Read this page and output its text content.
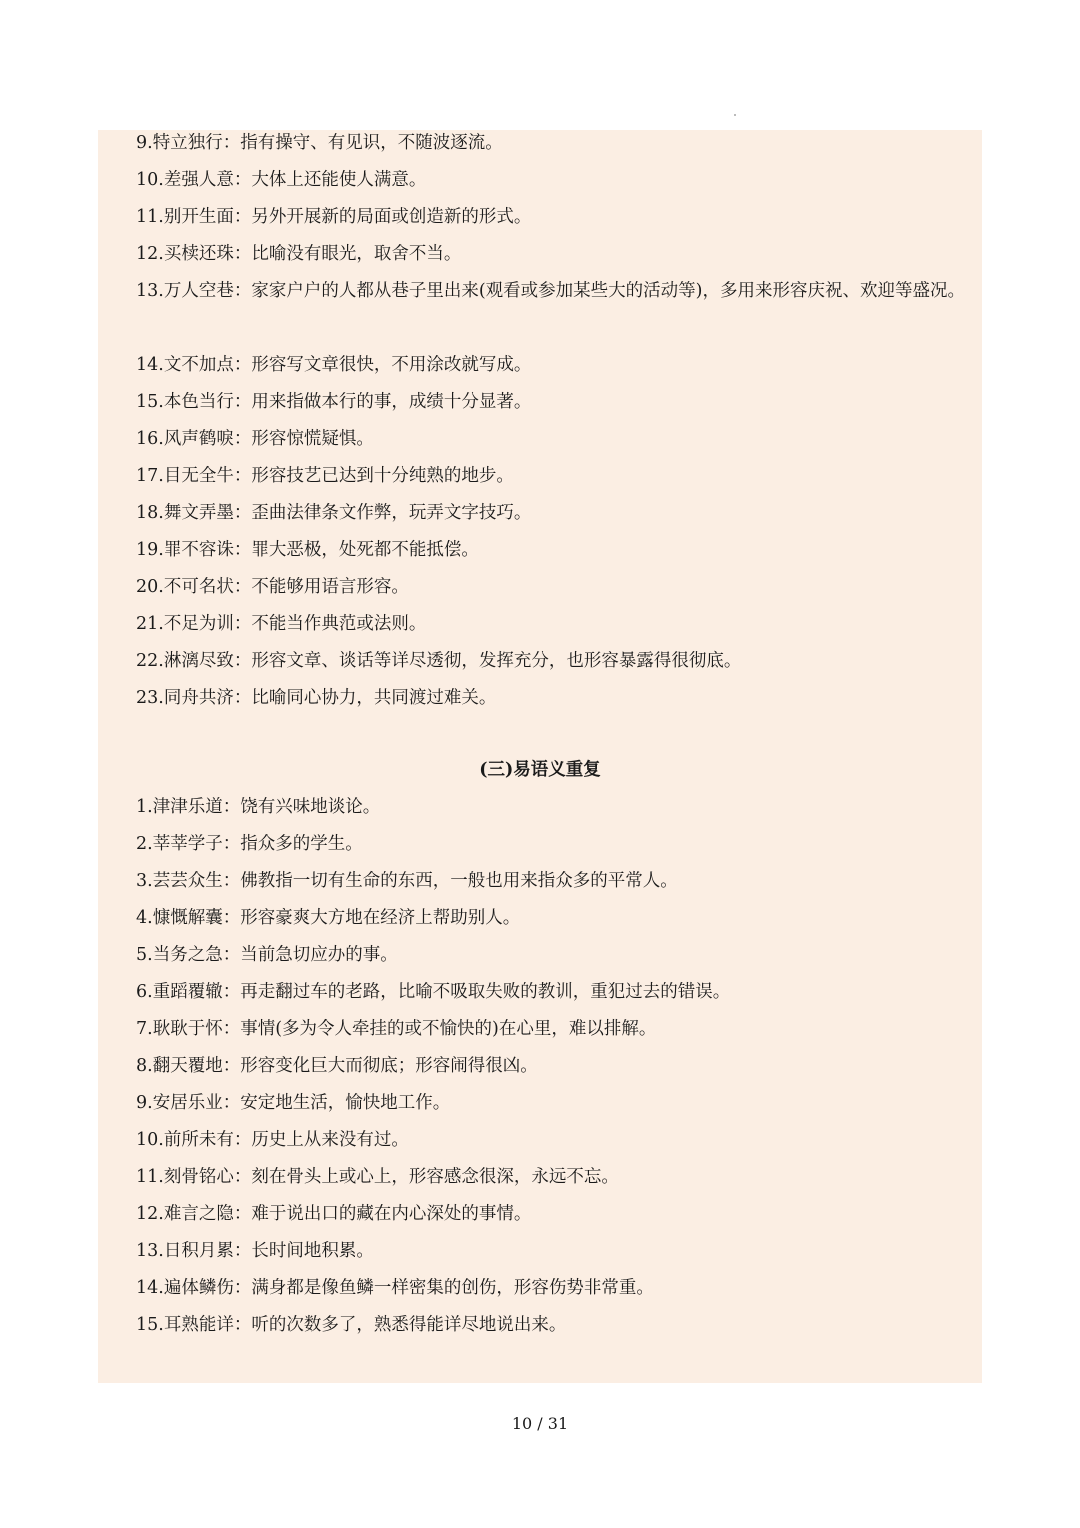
9.特立独行：指有操守、有见识，不随波逐流。
10.差强人意：大体上还能使人满意。
11.别开生面：另外开展新的局面或创造新的形式。
12.买椟还珠：比喻没有眼光，取舍不当。
13.万人空巷：家家户户的人都从巷子里出来(观看或参加某些大的活动等)，多用来形容庆祝、欢迎等盛况。
14.文不加点：形容写文章很快，不用涂改就写成。
15.本色当行：用来指做本行的事，成绩十分显著。
16.风声鹤唳：形容惊慌疑惧。
17.目无全牛：形容技艺已达到十分纯熟的地步。
18.舞文弄墨：歪曲法律条文作弊，玩弄文字技巧。
19.罪不容诛：罪大恶极，处死都不能抵偿。
20.不可名状：不能够用语言形容。
21.不足为训：不能当作典范或法则。
22.淋漓尽致：形容文章、谈话等详尽透彻，发挥充分，也形容暴露得很彻底。
23.同舟共济：比喻同心协力，共同渡过难关。
(三)易语义重复
1.津津乐道：饶有兴味地谈论。
2.莘莘学子：指众多的学生。
3.芸芸众生：佛教指一切有生命的东西，一般也用来指众多的平常人。
4.慷慨解囊：形容豪爽大方地在经济上帮助别人。
5.当务之急：当前急切应办的事。
6.重蹈覆辙：再走翻过车的老路，比喻不吸取失败的教训，重犯过去的错误。
7.耿耿于怀：事情(多为令人牵挂的或不愉快的)在心里，难以排解。
8.翻天覆地：形容变化巨大而彻底；形容闹得很凶。
9.安居乐业：安定地生活，愉快地工作。
10.前所未有：历史上从来没有过。
11.刻骨铭心：刻在骨头上或心上，形容感念很深，永远不忘。
12.难言之隐：难于说出口的藏在内心深处的事情。
13.日积月累：长时间地积累。
14.遍体鳞伤：满身都是像鱼鳞一样密集的创伤，形容伤势非常重。
15.耳熟能详：听的次数多了，熟悉得能详尽地说出来。
10 / 31
